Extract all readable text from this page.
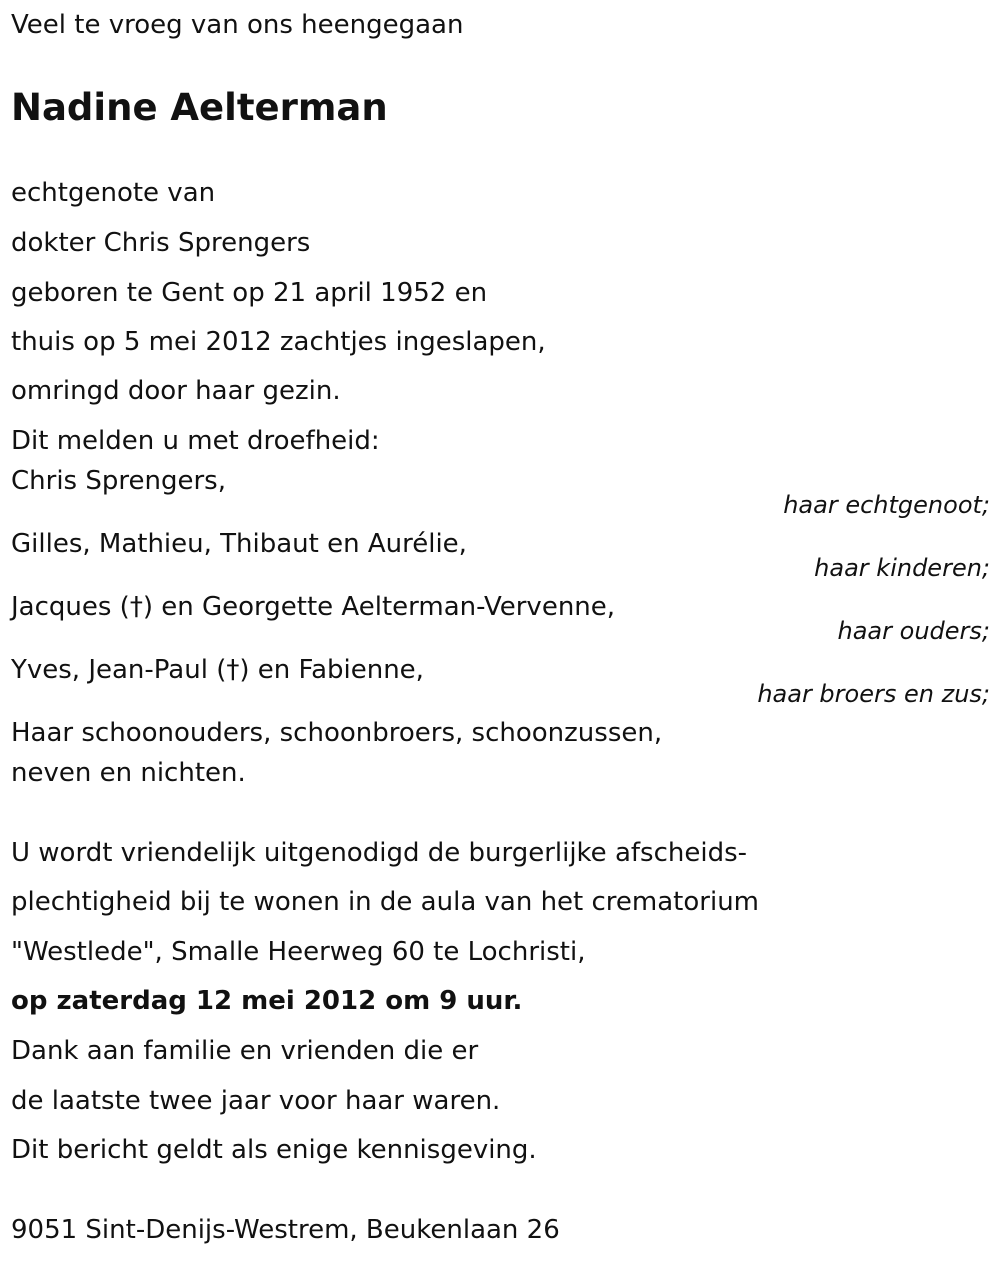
Veel te vroeg van ons heengegaan
Nadine Aelterman
echtgenote van
dokter Chris Sprengers
geboren te Gent op 21 april 1952 en
thuis op 5 mei 2012 zachtjes ingeslapen,
omringd door haar gezin.
Dit melden u met droefheid:
Chris Sprengers,
haar echtgenoot;
Gilles, Mathieu, Thibaut en Aurélie,
haar kinderen;
Jacques (†) en Georgette Aelterman-Vervenne,
haar ouders;
Yves, Jean-Paul (†) en Fabienne,
haar broers en zus;
Haar schoonouders, schoonbroers, schoonzussen,
neven en nichten.
U wordt vriendelijk uitgenodigd de burgerlijke afscheids-
plechtigheid bij te wonen in de aula van het crematorium
"Westlede", Smalle Heerweg 60 te Lochristi,
op zaterdag 12 mei 2012 om 9 uur.
Dank aan familie en vrienden die er
de laatste twee jaar voor haar waren.
Dit bericht geldt als enige kennisgeving.
9051 Sint-Denijs-Westrem, Beukenlaan 26
